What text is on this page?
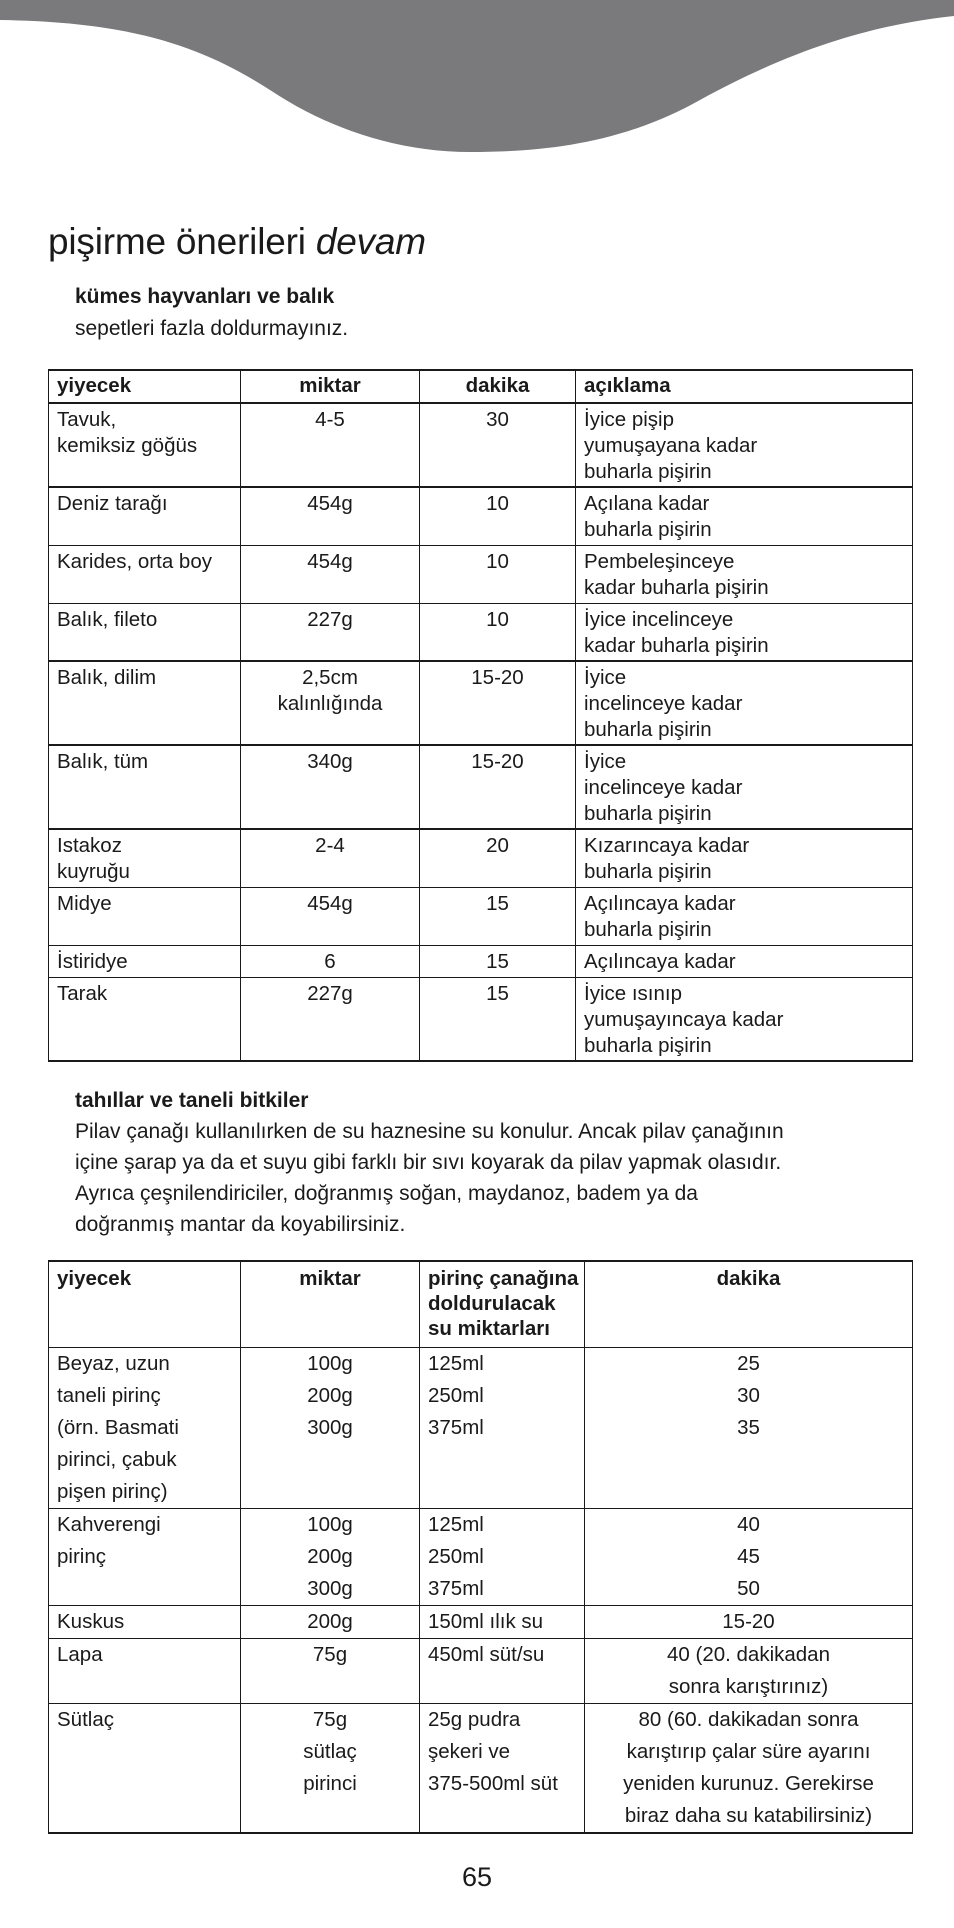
pişirme önerileri devam

kümes hayvanları ve balık

sepetleri fazla doldurmayınız.

yiyecek	miktar	dakika	açıklama

Tavuk,
kemiksiz göğüs	4-5	30	İyice pişip
yumuşayana kadar
buharla pişirin

Deniz tarağı	454g	10	Açılana kadar
buharla pişirin

Karides, orta boy	454g	10	Pembeleşinceye
kadar buharla pişirin

Balık, fileto	227g	10	İyice incelinceye
kadar buharla pişirin

Balık, dilim	2,5cm
kalınlığında	15-20	İyice
incelinceye kadar
buharla pişirin

Balık, tüm	340g	15-20	İyice
incelinceye kadar
buharla pişirin

Istakoz
kuyruğu	2-4	20	Kızarıncaya kadar
buharla pişirin

Midye	454g	15	Açılıncaya kadar
buharla pişirin

İstiridye	6	15	Açılıncaya kadar

Tarak	227g	15	İyice ısınıp
yumuşayıncaya kadar
buharla pişirin

tahıllar ve taneli bitkiler

Pilav çanağı kullanılırken de su haznesine su konulur. Ancak pilav çanağının
içine şarap ya da et suyu gibi farklı bir sıvı koyarak da pilav yapmak olasıdır.
Ayrıca çeşnilendiriciler, doğranmış soğan, maydanoz, badem ya da
doğranmış mantar da koyabilirsiniz.
yiyecek	miktar	pirinç çanağına
doldurulacak
su miktarları	dakika

Beyaz, uzun
taneli pirinç
(örn. Basmati
pirinci, çabuk
pişen pirinç)	100g
200g
300g	125ml
250ml
375ml	25
30
35

Kahverengi
pirinç	100g
200g
300g	125ml
250ml
375ml	40
45
50

Kuskus	200g	150ml ılık su	15-20

Lapa	75g	450ml süt/su	40 (20. dakikadan
sonra karıştırınız)

Sütlaç	75g
sütlaç
pirinci	25g pudra
şekeri ve
375-500ml süt	80 (60. dakikadan sonra
karıştırıp çalar süre ayarını
yeniden kurunuz. Gerekirse
biraz daha su katabilirsiniz)
65
